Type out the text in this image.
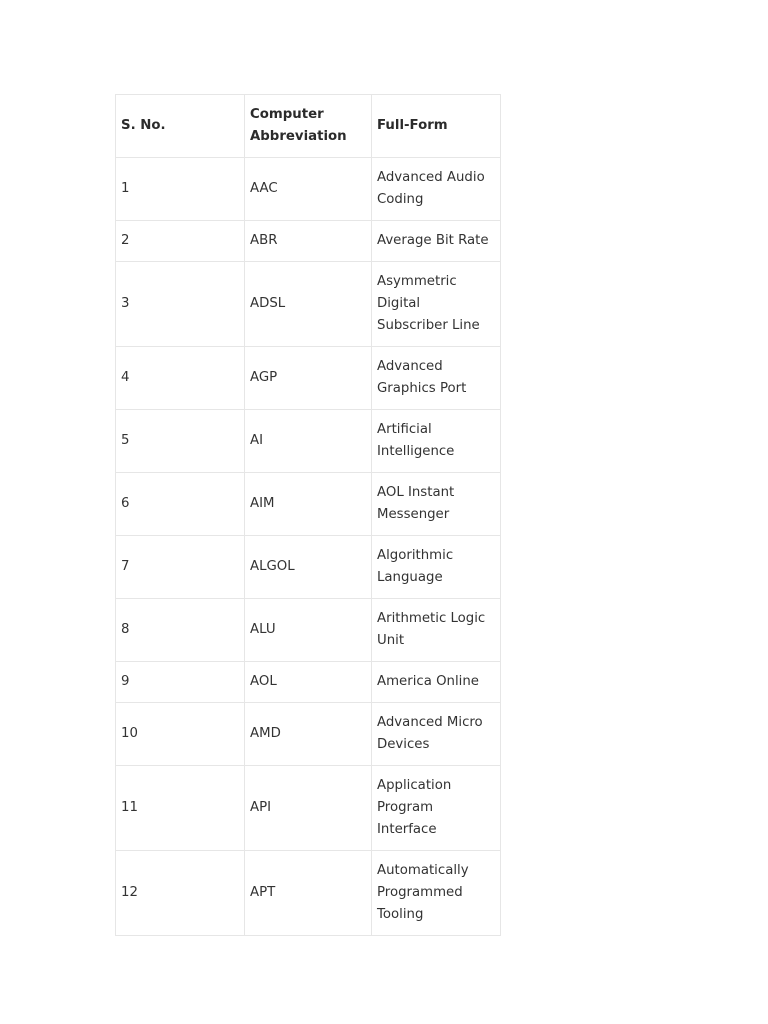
S. No.	Computer Abbreviation	Full-Form
1	AAC	Advanced Audio Coding
2	ABR	Average Bit Rate
3	ADSL	Asymmetric Digital Subscriber Line
4	AGP	Advanced Graphics Port
5	AI	Artificial Intelligence
6	AIM	AOL Instant Messenger
7	ALGOL	Algorithmic Language
8	ALU	Arithmetic Logic Unit
9	AOL	America Online
10	AMD	Advanced Micro Devices
11	API	Application Program Interface
12	APT	Automatically Programmed Tooling
